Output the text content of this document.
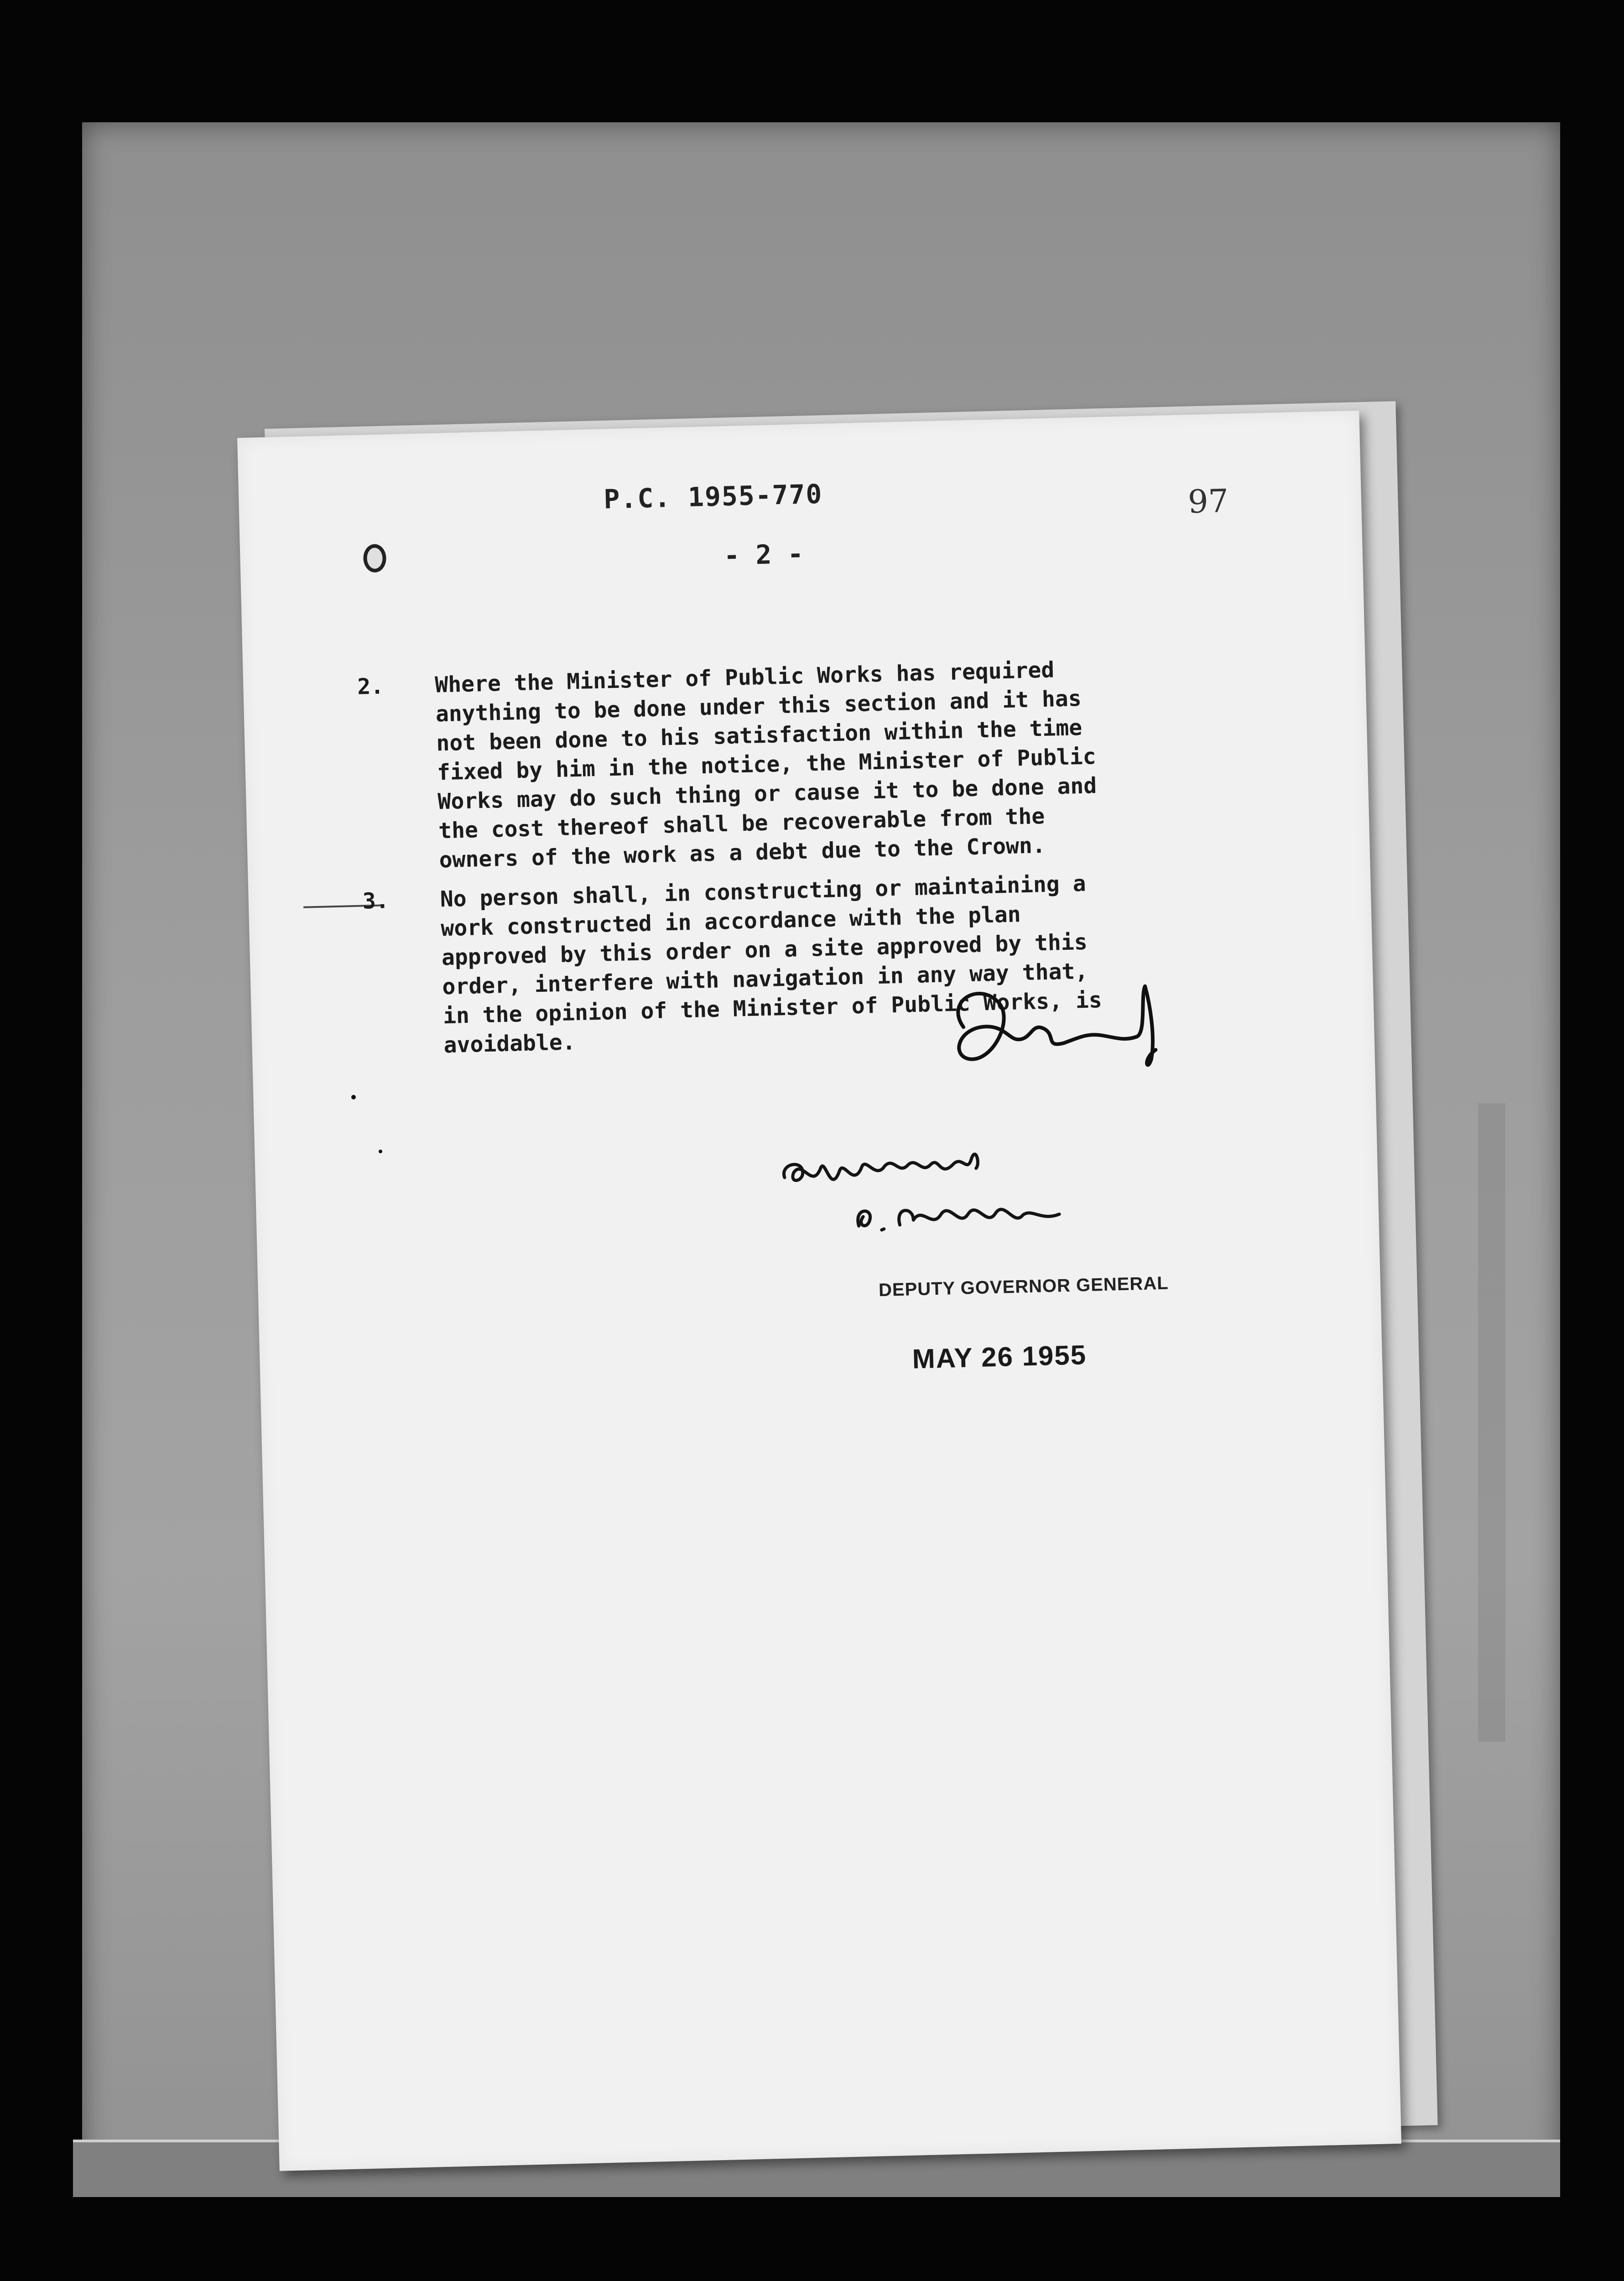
P.C. 1955-770	97
- 2 -
2. Where the Minister of Public Works has required
anything to be done under this section and it has
not been done to his satisfaction within the time
fixed by him in the notice, the Minister of Public
Works may do such thing or cause it to be done and
the cost thereof shall be recoverable from the
owners of the work as a debt due to the Crown.
3. No person shall, in constructing or maintaining a
work constructed in accordance with the plan
approved by this order on a site approved by this
order, interfere with navigation in any way that,
in the opinion of the Minister of Public Works, is
avoidable.
DEPUTY GOVERNOR GENERAL
MAY 26 1955
